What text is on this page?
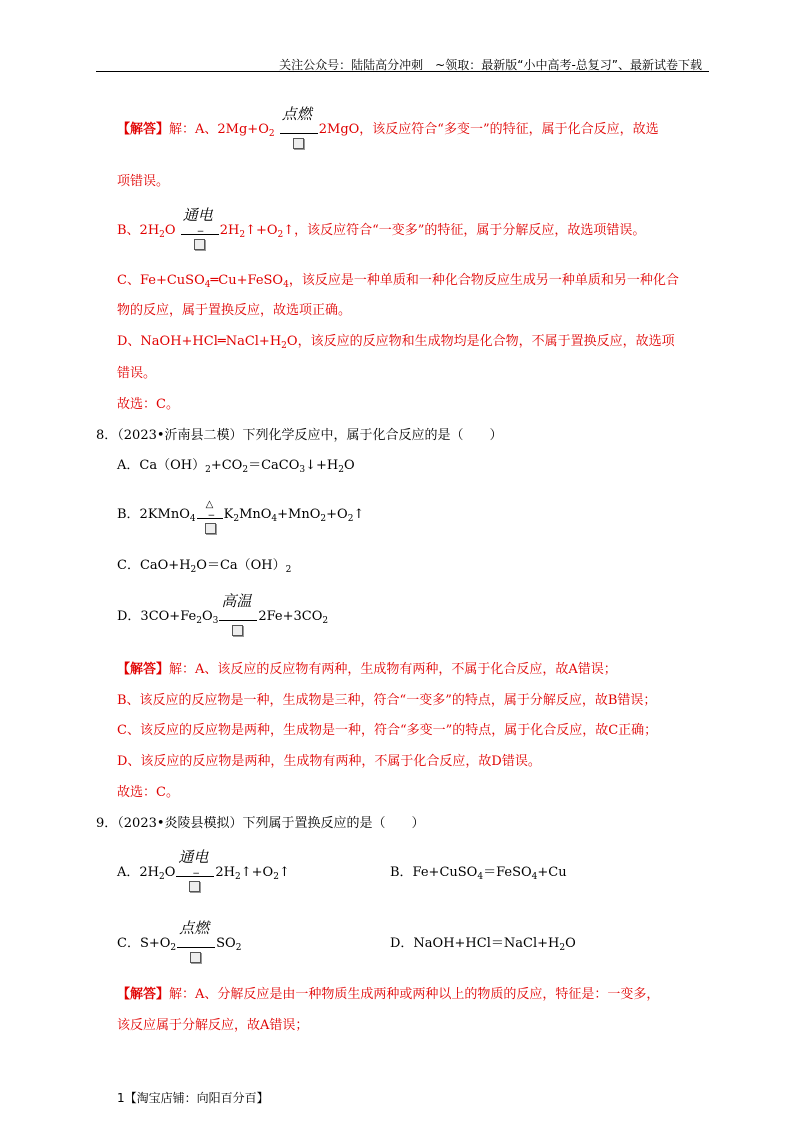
关注公众号：陆陆高分冲刺　~领取：最新版“小中高考-总复习”、最新试卷下载
【解答】解：A、$2Mg+O_2$
点燃
2MgO，该反应符合“多变一”的特征，属于化合反应，故选
项错误。
B、$2H_2O$
通电
− $2H_2↑+O_2↑$，该反应符合“一变多”的特征，属于分解反应，故选项错误。
C、Fe+CuSO$_4$═Cu+FeSO$_4$，该反应是一种单质和一种化合物反应生成另一种单质和另一种化合
物的反应，属于置换反应，故选项正确。
D、$NaOH+HCl═NaCl+H_2O$，该反应的反应物和生成物均是化合物，不属于置换反应，故选项
错误。
故选：C。
8．（2023•沂南县二模）下列化学反应中，属于化合反应的是（　　）
A．$Ca(OH)_2+CO_2=CaCO_3↓+H_2O$
B．2KMnO$_4$
△
− $K_2MnO_4+MnO_2+O_2↑$
C．$CaO+H_2O=Ca(OH)_2$
D．$3CO+Fe_2O_3$
高温
$2Fe+3CO_2$
【解答】解：A、该反应的反应物有两种，生成物有两种，不属于化合反应，故A错误；
B、该反应的反应物是一种，生成物是三种，符合“一变多”的特点，属于分解反应，故B错误；
C、该反应的反应物是两种，生成物是一种，符合“多变一”的特点，属于化合反应，故C正确；
D、该反应的反应物是两种，生成物有两种，不属于化合反应，故D错误。
故选：C。
9．（2023•炎陵县模拟）下列属于置换反应的是（　　）
A．$2H_2O$
通电
− $2H_2↑+O_2↑$	B．Fe+CuSO$_4$＝FeSO$_4$+Cu
C．$S+O_2$
点燃
$SO_2$	D．$NaOH+HCl=NaCl+H_2O$
【解答】解：A、分解反应是由一种物质生成两种或两种以上的物质的反应，特征是：一变多，
该反应属于分解反应，故A错误；
1【淘宝店铺：向阳百分百】
